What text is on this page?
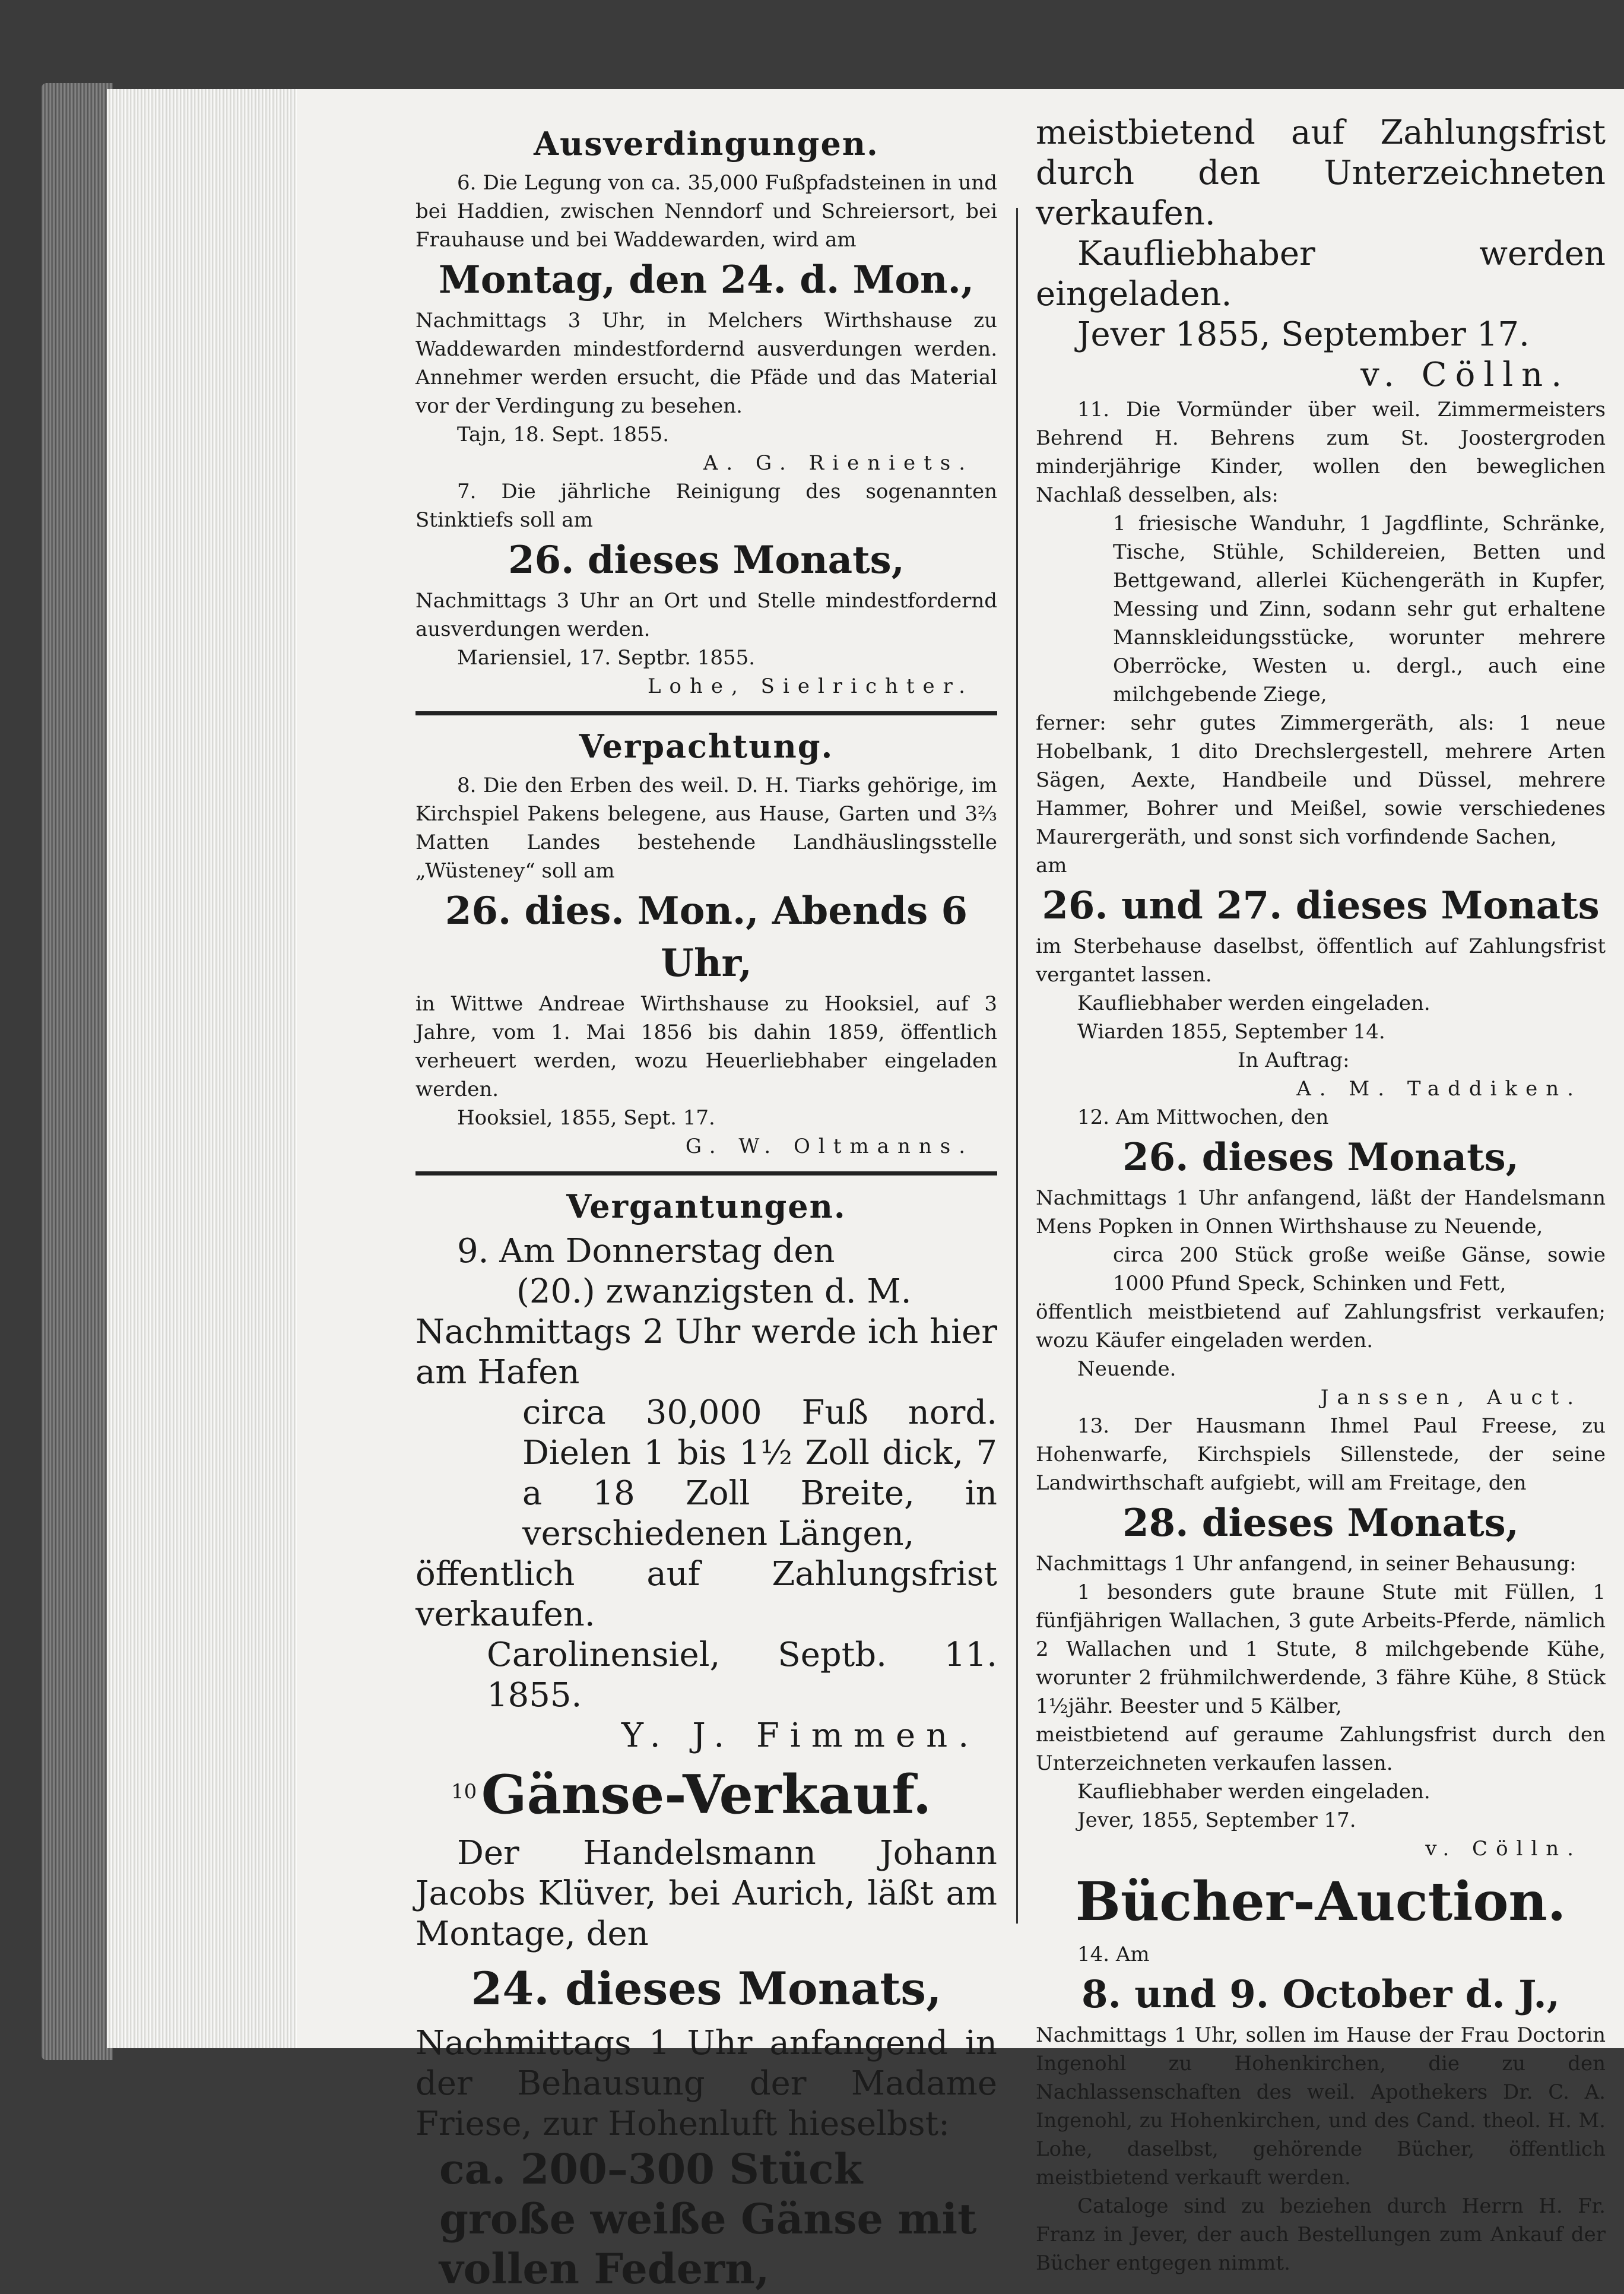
Ausverdingungen.

6. Die Legung von ca. 35,000 Fußpfadsteinen in und bei Haddien, zwischen Nenndorf und Schreiersort, bei Frauhause und bei Waddewarden, wird am

Montag, den 24. d. Mon.,

Nachmittags 3 Uhr, in Melchers Wirthshause zu Waddewarden mindestfordernd ausverdungen werden. Annehmer werden ersucht, die Pfäde und das Material vor der Verdingung zu besehen.

Tajn, 18. Sept. 1855.

A. G. Rieniets.

7. Die jährliche Reinigung des sogenannten Stinktiefs soll am

26. dieses Monats,

Nachmittags 3 Uhr an Ort und Stelle mindestfordernd ausverdungen werden.

Mariensiel, 17. Septbr. 1855.

Lohe, Sielrichter.

Verpachtung.

8. Die den Erben des weil. D. H. Tiarks gehörige, im Kirchspiel Pakens belegene, aus Hause, Garten und 3⅔ Matten Landes bestehende Landhäuslingsstelle „Wüsteney“ soll am

26. dies. Mon., Abends 6 Uhr,

in Wittwe Andreae Wirthshause zu Hooksiel, auf 3 Jahre, vom 1. Mai 1856 bis dahin 1859, öffentlich verheuert werden, wozu Heuerliebhaber eingeladen werden.

Hooksiel, 1855, Sept. 17.

G. W. Oltmanns.

Vergantungen.

9. Am Donnerstag den

(20.) zwanzigsten d. M.

Nachmittags 2 Uhr werde ich hier am Hafen

circa 30,000 Fuß nord. Dielen 1 bis 1½ Zoll dick, 7 a 18 Zoll Breite, in verschiedenen Längen,

öffentlich auf Zahlungsfrist verkaufen.

Carolinensiel, Septb. 11. 1855.

Y. J. Fimmen.

10 Gänse-Verkauf.

Der Handelsmann Johann Jacobs Klüver, bei Aurich, läßt am Montage, den

24. dieses Monats,

Nachmittags 1 Uhr anfangend in der Behausung der Madame Friese, zur Hohenluft hieselbst:

ca. 200–300 Stück große weiße Gänse mit vollen Federn,

meistbietend auf Zahlungsfrist durch den Unterzeichneten verkaufen.

Kaufliebhaber werden eingeladen.

Jever 1855, September 17.

v. Cölln.

11. Die Vormünder über weil. Zimmermeisters Behrend H. Behrens zum St. Joostergroden minderjährige Kinder, wollen den beweglichen Nachlaß desselben, als:

1 friesische Wanduhr, 1 Jagdflinte, Schränke, Tische, Stühle, Schildereien, Betten und Bettgewand, allerlei Küchengeräth in Kupfer, Messing und Zinn, sodann sehr gut erhaltene Mannskleidungsstücke, worunter mehrere Oberröcke, Westen u. dergl., auch eine milchgebende Ziege,

ferner: sehr gutes Zimmergeräth, als: 1 neue Hobelbank, 1 dito Drechslergestell, mehrere Arten Sägen, Aexte, Handbeile und Düssel, mehrere Hammer, Bohrer und Meißel, sowie verschiedenes Maurergeräth, und sonst sich vorfindende Sachen,

am

26. und 27. dieses Monats

im Sterbehause daselbst, öffentlich auf Zahlungsfrist vergantet lassen.

Kaufliebhaber werden eingeladen.

Wiarden 1855, September 14.

In Auftrag:

A. M. Taddiken.

12. Am Mittwochen, den

26. dieses Monats,

Nachmittags 1 Uhr anfangend, läßt der Handelsmann Mens Popken in Onnen Wirthshause zu Neuende,

circa 200 Stück große weiße Gänse, sowie 1000 Pfund Speck, Schinken und Fett,

öffentlich meistbietend auf Zahlungsfrist verkaufen; wozu Käufer eingeladen werden.

Neuende.

Janssen, Auct.

13. Der Hausmann Ihmel Paul Freese, zu Hohenwarfe, Kirchspiels Sillenstede, der seine Landwirthschaft aufgiebt, will am Freitage, den

28. dieses Monats,

Nachmittags 1 Uhr anfangend, in seiner Behausung:

1 besonders gute braune Stute mit Füllen, 1 fünfjährigen Wallachen, 3 gute Arbeits-Pferde, nämlich 2 Wallachen und 1 Stute, 8 milchgebende Kühe, worunter 2 frühmilchwerdende, 3 fähre Kühe, 8 Stück 1½jähr. Beester und 5 Kälber,

meistbietend auf geraume Zahlungsfrist durch den Unterzeichneten verkaufen lassen.

Kaufliebhaber werden eingeladen.

Jever, 1855, September 17.

v. Cölln.

Bücher-Auction.

14. Am

8. und 9. October d. J.,

Nachmittags 1 Uhr, sollen im Hause der Frau Doctorin Ingenohl zu Hohenkirchen, die zu den Nachlassenschaften des weil. Apothekers Dr. C. A. Ingenohl, zu Hohenkirchen, und des Cand. theol. H. M. Lohe, daselbst, gehörende Bücher, öffentlich meistbietend verkauft werden.

Cataloge sind zu beziehen durch Herrn H. Fr. Franz in Jever, der auch Bestellungen zum Ankauf der Bücher entgegen nimmt.
